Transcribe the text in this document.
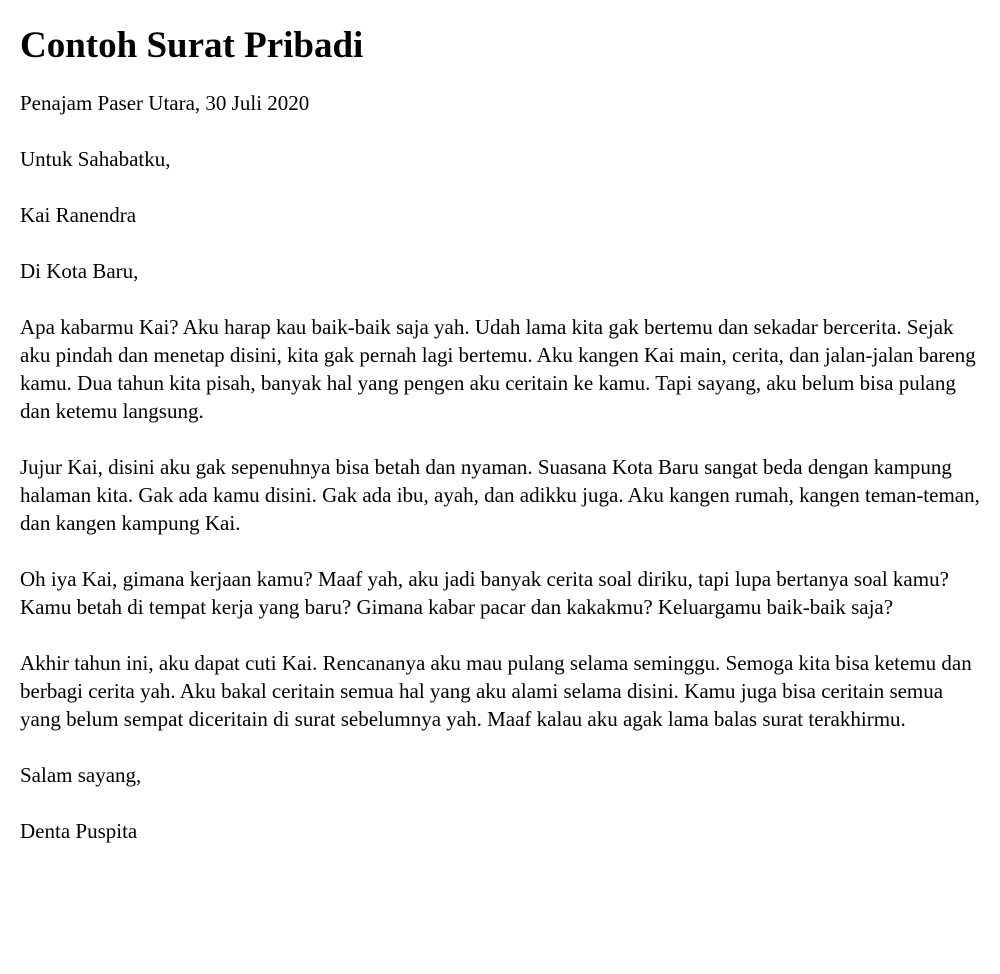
Contoh Surat Pribadi

Penajam Paser Utara, 30 Juli 2020

Untuk Sahabatku,

Kai Ranendra

Di Kota Baru,

Apa kabarmu Kai? Aku harap kau baik-baik saja yah. Udah lama kita gak bertemu dan sekadar bercerita. Sejak aku pindah dan menetap disini, kita gak pernah lagi bertemu. Aku kangen Kai main, cerita, dan jalan-jalan bareng kamu. Dua tahun kita pisah, banyak hal yang pengen aku ceritain ke kamu. Tapi sayang, aku belum bisa pulang dan ketemu langsung.

Jujur Kai, disini aku gak sepenuhnya bisa betah dan nyaman. Suasana Kota Baru sangat beda dengan kampung halaman kita. Gak ada kamu disini. Gak ada ibu, ayah, dan adikku juga. Aku kangen rumah, kangen teman-teman, dan kangen kampung Kai.

Oh iya Kai, gimana kerjaan kamu? Maaf yah, aku jadi banyak cerita soal diriku, tapi lupa bertanya soal kamu? Kamu betah di tempat kerja yang baru? Gimana kabar pacar dan kakakmu? Keluargamu baik-baik saja?

Akhir tahun ini, aku dapat cuti Kai. Rencananya aku mau pulang selama seminggu. Semoga kita bisa ketemu dan berbagi cerita yah. Aku bakal ceritain semua hal yang aku alami selama disini. Kamu juga bisa ceritain semua yang belum sempat diceritain di surat sebelumnya yah. Maaf kalau aku agak lama balas surat terakhirmu.

Salam sayang,

Denta Puspita
